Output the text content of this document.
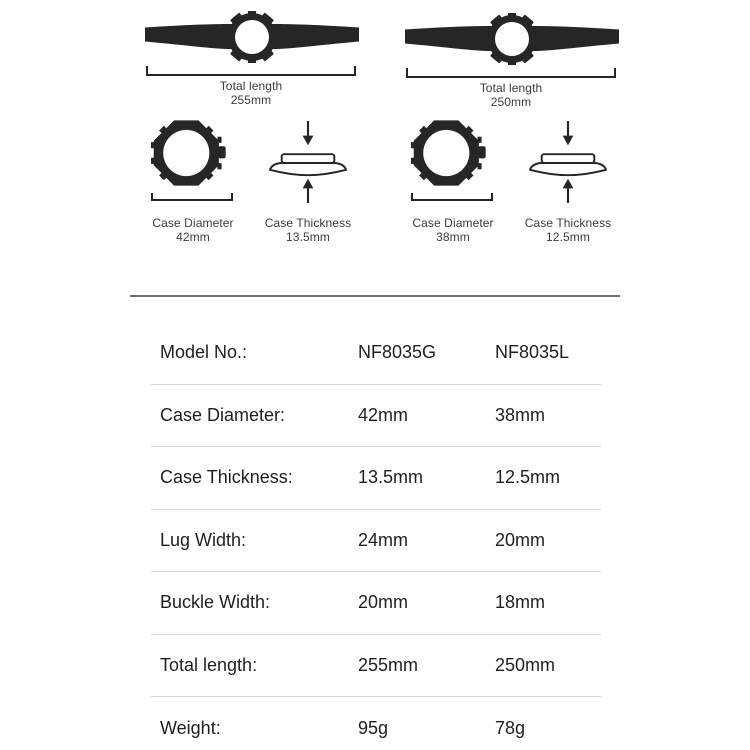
Total length
255mm
Case Diameter
42mm
Case Thickness
13.5mm
Total length
250mm
Case Diameter
38mm
Case Thickness
12.5mm
Model No.:	NF8035G	NF8035L
Case Diameter:	42mm	38mm
Case Thickness:	13.5mm	12.5mm
Lug Width:	24mm	20mm
Buckle Width:	20mm	18mm
Total length:	255mm	250mm
Weight:	95g	78g
